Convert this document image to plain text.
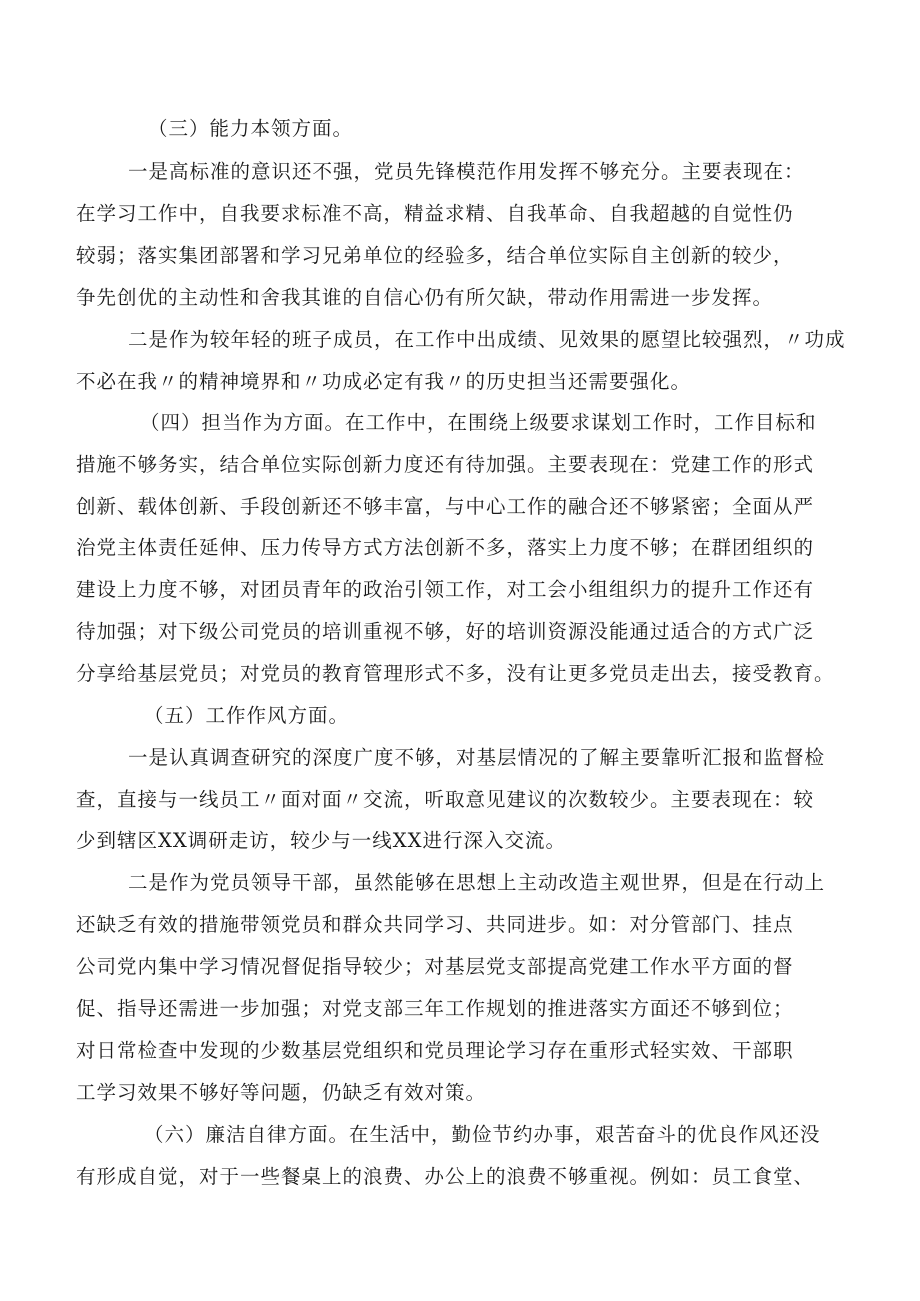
（三）能力本领方面。

一是高标准的意识还不强，党员先锋模范作用发挥不够充分。主要表现在：

在学习工作中，自我要求标准不高，精益求精、自我革命、自我超越的自觉性仍

较弱；落实集团部署和学习兄弟单位的经验多，结合单位实际自主创新的较少，

争先创优的主动性和舍我其谁的自信心仍有所欠缺，带动作用需进一步发挥。

二是作为较年轻的班子成员，在工作中出成绩、见效果的愿望比较强烈，〃功成

不必在我〃的精神境界和〃功成必定有我〃的历史担当还需要强化。

（四）担当作为方面。在工作中，在围绕上级要求谋划工作时，工作目标和

措施不够务实，结合单位实际创新力度还有待加强。主要表现在：党建工作的形式

创新、载体创新、手段创新还不够丰富，与中心工作的融合还不够紧密；全面从严

治党主体责任延伸、压力传导方式方法创新不多，落实上力度不够；在群团组织的

建设上力度不够，对团员青年的政治引领工作，对工会小组组织力的提升工作还有

待加强；对下级公司党员的培训重视不够，好的培训资源没能通过适合的方式广泛

分享给基层党员；对党员的教育管理形式不多，没有让更多党员走出去，接受教育。

（五）工作作风方面。

一是认真调查研究的深度广度不够，对基层情况的了解主要靠听汇报和监督检

查，直接与一线员工〃面对面〃交流，听取意见建议的次数较少。主要表现在：较

少到辖区XX调研走访，较少与一线XX进行深入交流。

二是作为党员领导干部，虽然能够在思想上主动改造主观世界，但是在行动上

还缺乏有效的措施带领党员和群众共同学习、共同进步。如：对分管部门、挂点

公司党内集中学习情况督促指导较少；对基层党支部提高党建工作水平方面的督

促、指导还需进一步加强；对党支部三年工作规划的推进落实方面还不够到位；

对日常检查中发现的少数基层党组织和党员理论学习存在重形式轻实效、干部职

工学习效果不够好等问题，仍缺乏有效对策。

（六）廉洁自律方面。在生活中，勤俭节约办事，艰苦奋斗的优良作风还没

有形成自觉，对于一些餐桌上的浪费、办公上的浪费不够重视。例如：员工食堂、
